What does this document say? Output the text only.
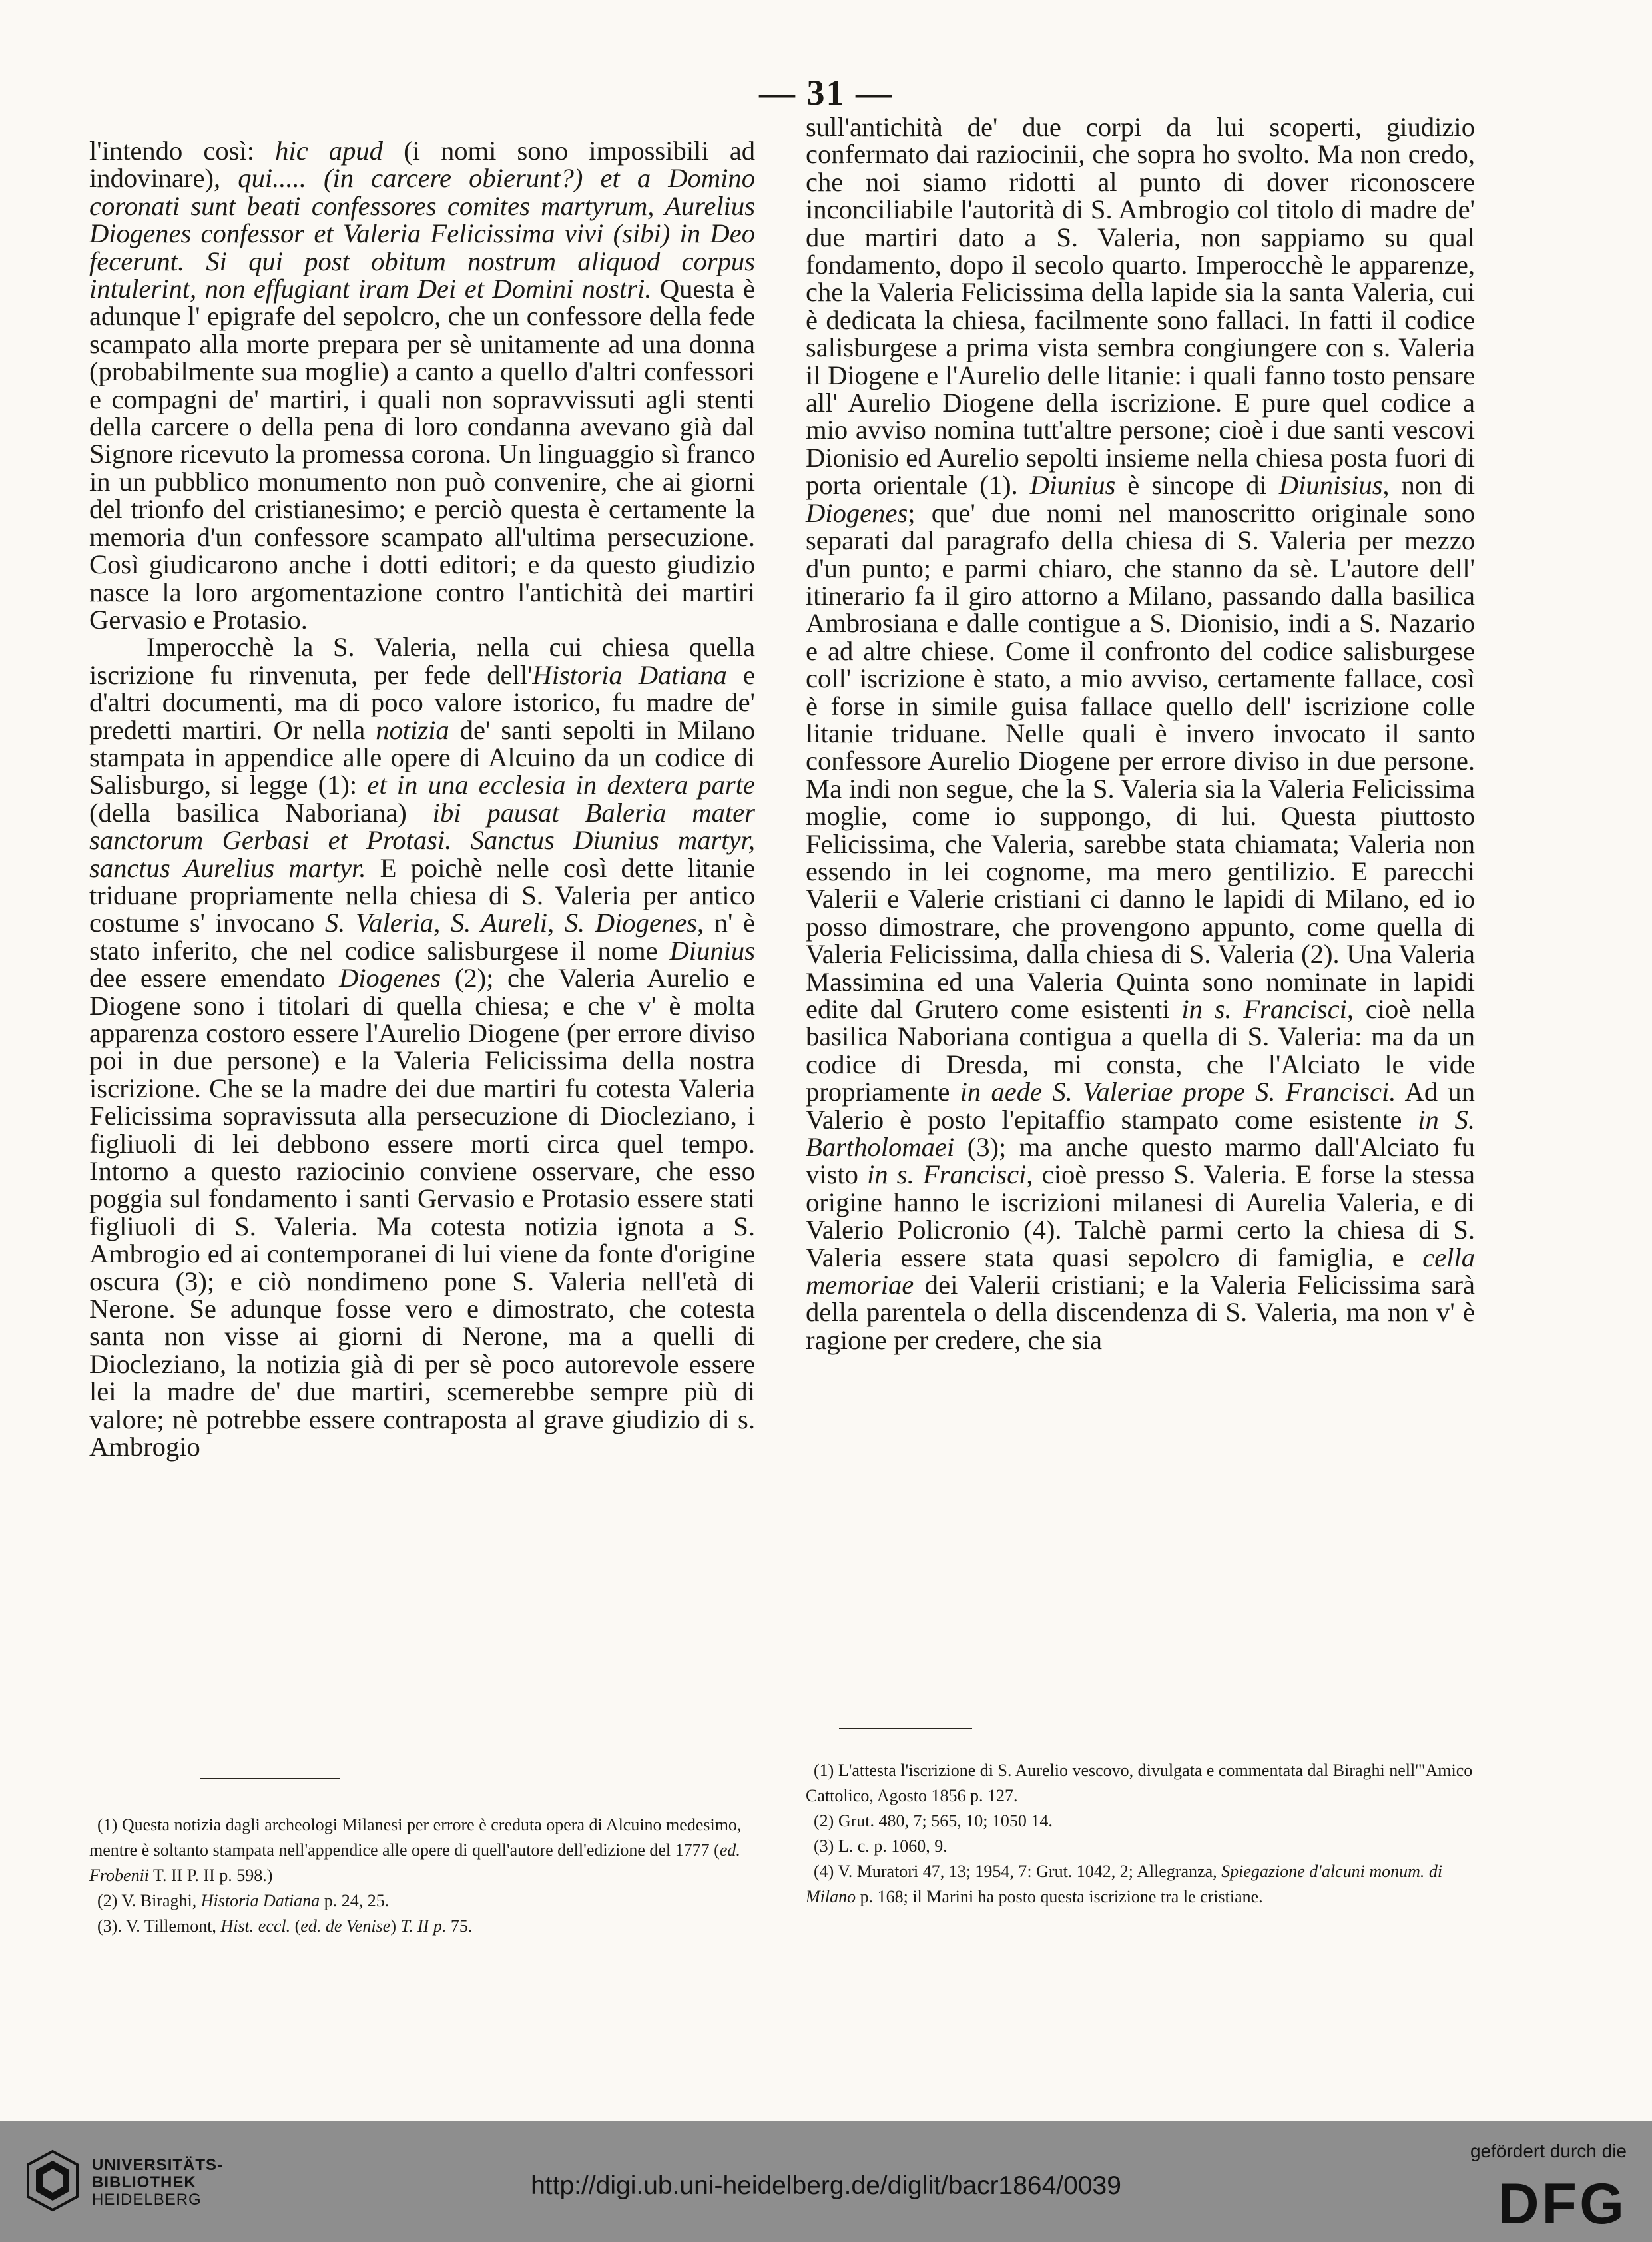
— 31 —

l'intendo così: hic apud (i nomi sono impossibili ad indovinare), qui..... (in carcere obierunt?) et a Domino coronati sunt beati confessores comites martyrum, Aurelius Diogenes confessor et Valeria Felicissima vivi (sibi) in Deo fecerunt. Si qui post obitum nostrum aliquod corpus intulerint, non effugiant iram Dei et Domini nostri. Questa è adunque l' epigrafe del sepolcro, che un confessore della fede scampato alla morte prepara per sè unitamente ad una donna (probabilmente sua moglie) a canto a quello d'altri confessori e compagni de' martiri, i quali non sopravvissuti agli stenti della carcere o della pena di loro condanna avevano già dal Signore ricevuto la promessa corona. Un linguaggio sì franco in un pubblico monumento non può convenire, che ai giorni del trionfo del cristianesimo; e perciò questa è certamente la memoria d'un confessore scampato all'ultima persecuzione. Così giudicarono anche i dotti editori; e da questo giudizio nasce la loro argomentazione contro l'antichità dei martiri Gervasio e Protasio.

Imperocchè la S. Valeria, nella cui chiesa quella iscrizione fu rinvenuta, per fede dell'Historia Datiana e d'altri documenti, ma di poco valore istorico, fu madre de' predetti martiri. Or nella notizia de' santi sepolti in Milano stampata in appendice alle opere di Alcuino da un codice di Salisburgo, si legge (1): et in una ecclesia in dextera parte (della basilica Naboriana) ibi pausat Baleria mater sanctorum Gerbasi et Protasi. Sanctus Diunius martyr, sanctus Aurelius martyr. E poichè nelle così dette litanie triduane propriamente nella chiesa di S. Valeria per antico costume s' invocano S. Valeria, S. Aureli, S. Diogenes, n' è stato inferito, che nel codice salisburgese il nome Diunius dee essere emendato Diogenes (2); che Valeria Aurelio e Diogene sono i titolari di quella chiesa; e che v' è molta apparenza costoro essere l'Aurelio Diogene (per errore diviso poi in due persone) e la Valeria Felicissima della nostra iscrizione. Che se la madre dei due martiri fu cotesta Valeria Felicissima sopravissuta alla persecuzione di Diocleziano, i figliuoli di lei debbono essere morti circa quel tempo. Intorno a questo raziocinio conviene osservare, che esso poggia sul fondamento i santi Gervasio e Protasio essere stati figliuoli di S. Valeria. Ma cotesta notizia ignota a S. Ambrogio ed ai contemporanei di lui viene da fonte d'origine oscura (3); e ciò nondimeno pone S. Valeria nell'età di Nerone. Se adunque fosse vero e dimostrato, che cotesta santa non visse ai giorni di Nerone, ma a quelli di Diocleziano, la notizia già di per sè poco autorevole essere lei la madre de' due martiri, scemerebbe sempre più di valore; nè potrebbe essere contraposta al grave giudizio di s. Ambrogio

sull'antichità de' due corpi da lui scoperti, giudizio confermato dai raziocinii, che sopra ho svolto. Ma non credo, che noi siamo ridotti al punto di dover riconoscere inconciliabile l'autorità di S. Ambrogio col titolo di madre de' due martiri dato a S. Valeria, non sappiamo su qual fondamento, dopo il secolo quarto. Imperocchè le apparenze, che la Valeria Felicissima della lapide sia la santa Valeria, cui è dedicata la chiesa, facilmente sono fallaci. In fatti il codice salisburgese a prima vista sembra congiungere con s. Valeria il Diogene e l'Aurelio delle litanie: i quali fanno tosto pensare all' Aurelio Diogene della iscrizione. E pure quel codice a mio avviso nomina tutt'altre persone; cioè i due santi vescovi Dionisio ed Aurelio sepolti insieme nella chiesa posta fuori di porta orientale (1). Diunius è sincope di Diunisius, non di Diogenes; que' due nomi nel manoscritto originale sono separati dal paragrafo della chiesa di S. Valeria per mezzo d'un punto; e parmi chiaro, che stanno da sè. L'autore dell' itinerario fa il giro attorno a Milano, passando dalla basilica Ambrosiana e dalle contigue a S. Dionisio, indi a S. Nazario e ad altre chiese. Come il confronto del codice salisburgese coll' iscrizione è stato, a mio avviso, certamente fallace, così è forse in simile guisa fallace quello dell' iscrizione colle litanie triduane. Nelle quali è invero invocato il santo confessore Aurelio Diogene per errore diviso in due persone. Ma indi non segue, che la S. Valeria sia la Valeria Felicissima moglie, come io suppongo, di lui. Questa piuttosto Felicissima, che Valeria, sarebbe stata chiamata; Valeria non essendo in lei cognome, ma mero gentilizio. E parecchi Valerii e Valerie cristiani ci danno le lapidi di Milano, ed io posso dimostrare, che provengono appunto, come quella di Valeria Felicissima, dalla chiesa di S. Valeria (2). Una Valeria Massimina ed una Valeria Quinta sono nominate in lapidi edite dal Grutero come esistenti in s. Francisci, cioè nella basilica Naboriana contigua a quella di S. Valeria: ma da un codice di Dresda, mi consta, che l'Alciato le vide propriamente in aede S. Valeriae prope S. Francisci. Ad un Valerio è posto l'epitaffio stampato come esistente in S. Bartholomaei (3); ma anche questo marmo dall'Alciato fu visto in s. Francisci, cioè presso S. Valeria. E forse la stessa origine hanno le iscrizioni milanesi di Aurelia Valeria, e di Valerio Policronio (4). Talchè parmi certo la chiesa di S. Valeria essere stata quasi sepolcro di famiglia, e cella memoriae dei Valerii cristiani; e la Valeria Felicissima sarà della parentela o della discendenza di S. Valeria, ma non v' è ragione per credere, che sia

(1) Questa notizia dagli archeologi Milanesi per errore è creduta opera di Alcuino medesimo, mentre è soltanto stampata nell'appendice alle opere di quell'autore dell'edizione del 1777 (ed. Frobenii T. II P. II p. 598.)

(2) V. Biraghi, Historia Datiana p. 24, 25.

(3). V. Tillemont, Hist. eccl. (ed. de Venise) T. II p. 75.

(1) L'attesta l'iscrizione di S. Aurelio vescovo, divulgata e commentata dal Biraghi nell'"Amico Cattolico, Agosto 1856 p. 127.

(2) Grut. 480, 7; 565, 10; 1050 14.

(3) L. c. p. 1060, 9.

(4) V. Muratori 47, 13; 1954, 7: Grut. 1042, 2; Allegranza, Spiegazione d'alcuni monum. di Milano p. 168; il Marini ha posto questa iscrizione tra le cristiane.

UNIVERSITÄTS-
BIBLIOTHEK
HEIDELBERG	http://digi.ub.uni-heidelberg.de/diglit/bacr1864/0039
gefördert durch die
DFG
